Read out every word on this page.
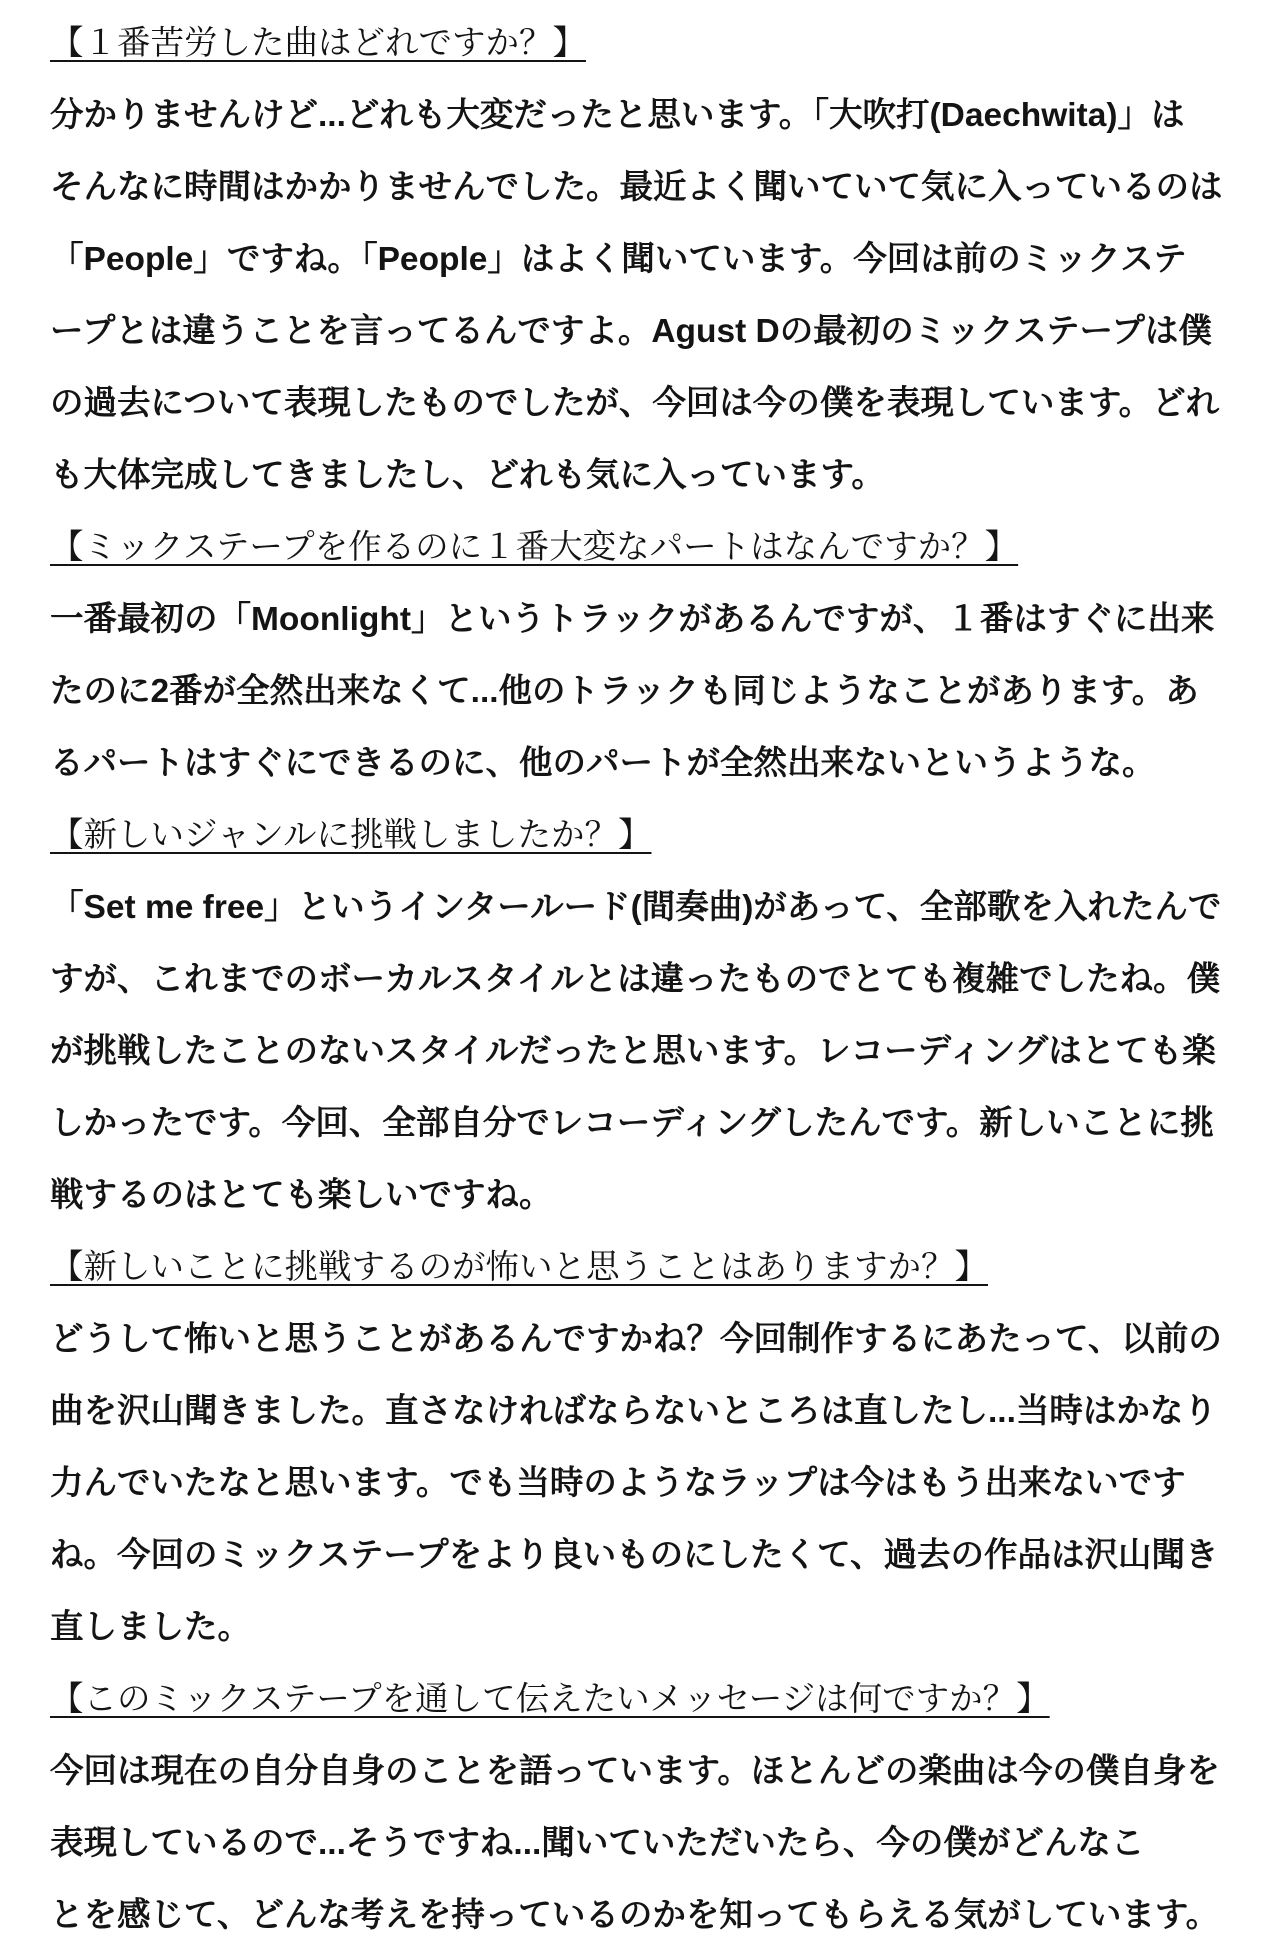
【１番苦労した曲はどれですか？】
分かりませんけど...どれも大変だったと思います。「大吹打(Daechwita)」は
そんなに時間はかかりませんでした。最近よく聞いていて気に入っているのは
「People」ですね。「People」はよく聞いています。今回は前のミックステ
ープとは違うことを言ってるんですよ。Agust Dの最初のミックステープは僕
の過去について表現したものでしたが、今回は今の僕を表現しています。どれ
も大体完成してきましたし、どれも気に入っています。
【ミックステープを作るのに１番大変なパートはなんですか？】
一番最初の「Moonlight」というトラックがあるんですが、１番はすぐに出来
たのに2番が全然出来なくて...他のトラックも同じようなことがあります。あ
るパートはすぐにできるのに、他のパートが全然出来ないというような。
【新しいジャンルに挑戦しましたか？】
「Set me free」というインタールード(間奏曲)があって、全部歌を入れたんで
すが、これまでのボーカルスタイルとは違ったものでとても複雑でしたね。僕
が挑戦したことのないスタイルだったと思います。レコーディングはとても楽
しかったです。今回、全部自分でレコーディングしたんです。新しいことに挑
戦するのはとても楽しいですね。
【新しいことに挑戦するのが怖いと思うことはありますか？】
どうして怖いと思うことがあるんですかね？今回制作するにあたって、以前の
曲を沢山聞きました。直さなければならないところは直したし...当時はかなり
力んでいたなと思います。でも当時のようなラップは今はもう出来ないです
ね。今回のミックステープをより良いものにしたくて、過去の作品は沢山聞き
直しました。
【このミックステープを通して伝えたいメッセージは何ですか？】
今回は現在の自分自身のことを語っています。ほとんどの楽曲は今の僕自身を
表現しているので...そうですね...聞いていただいたら、今の僕がどんなこ
とを感じて、どんな考えを持っているのかを知ってもらえる気がしています。
